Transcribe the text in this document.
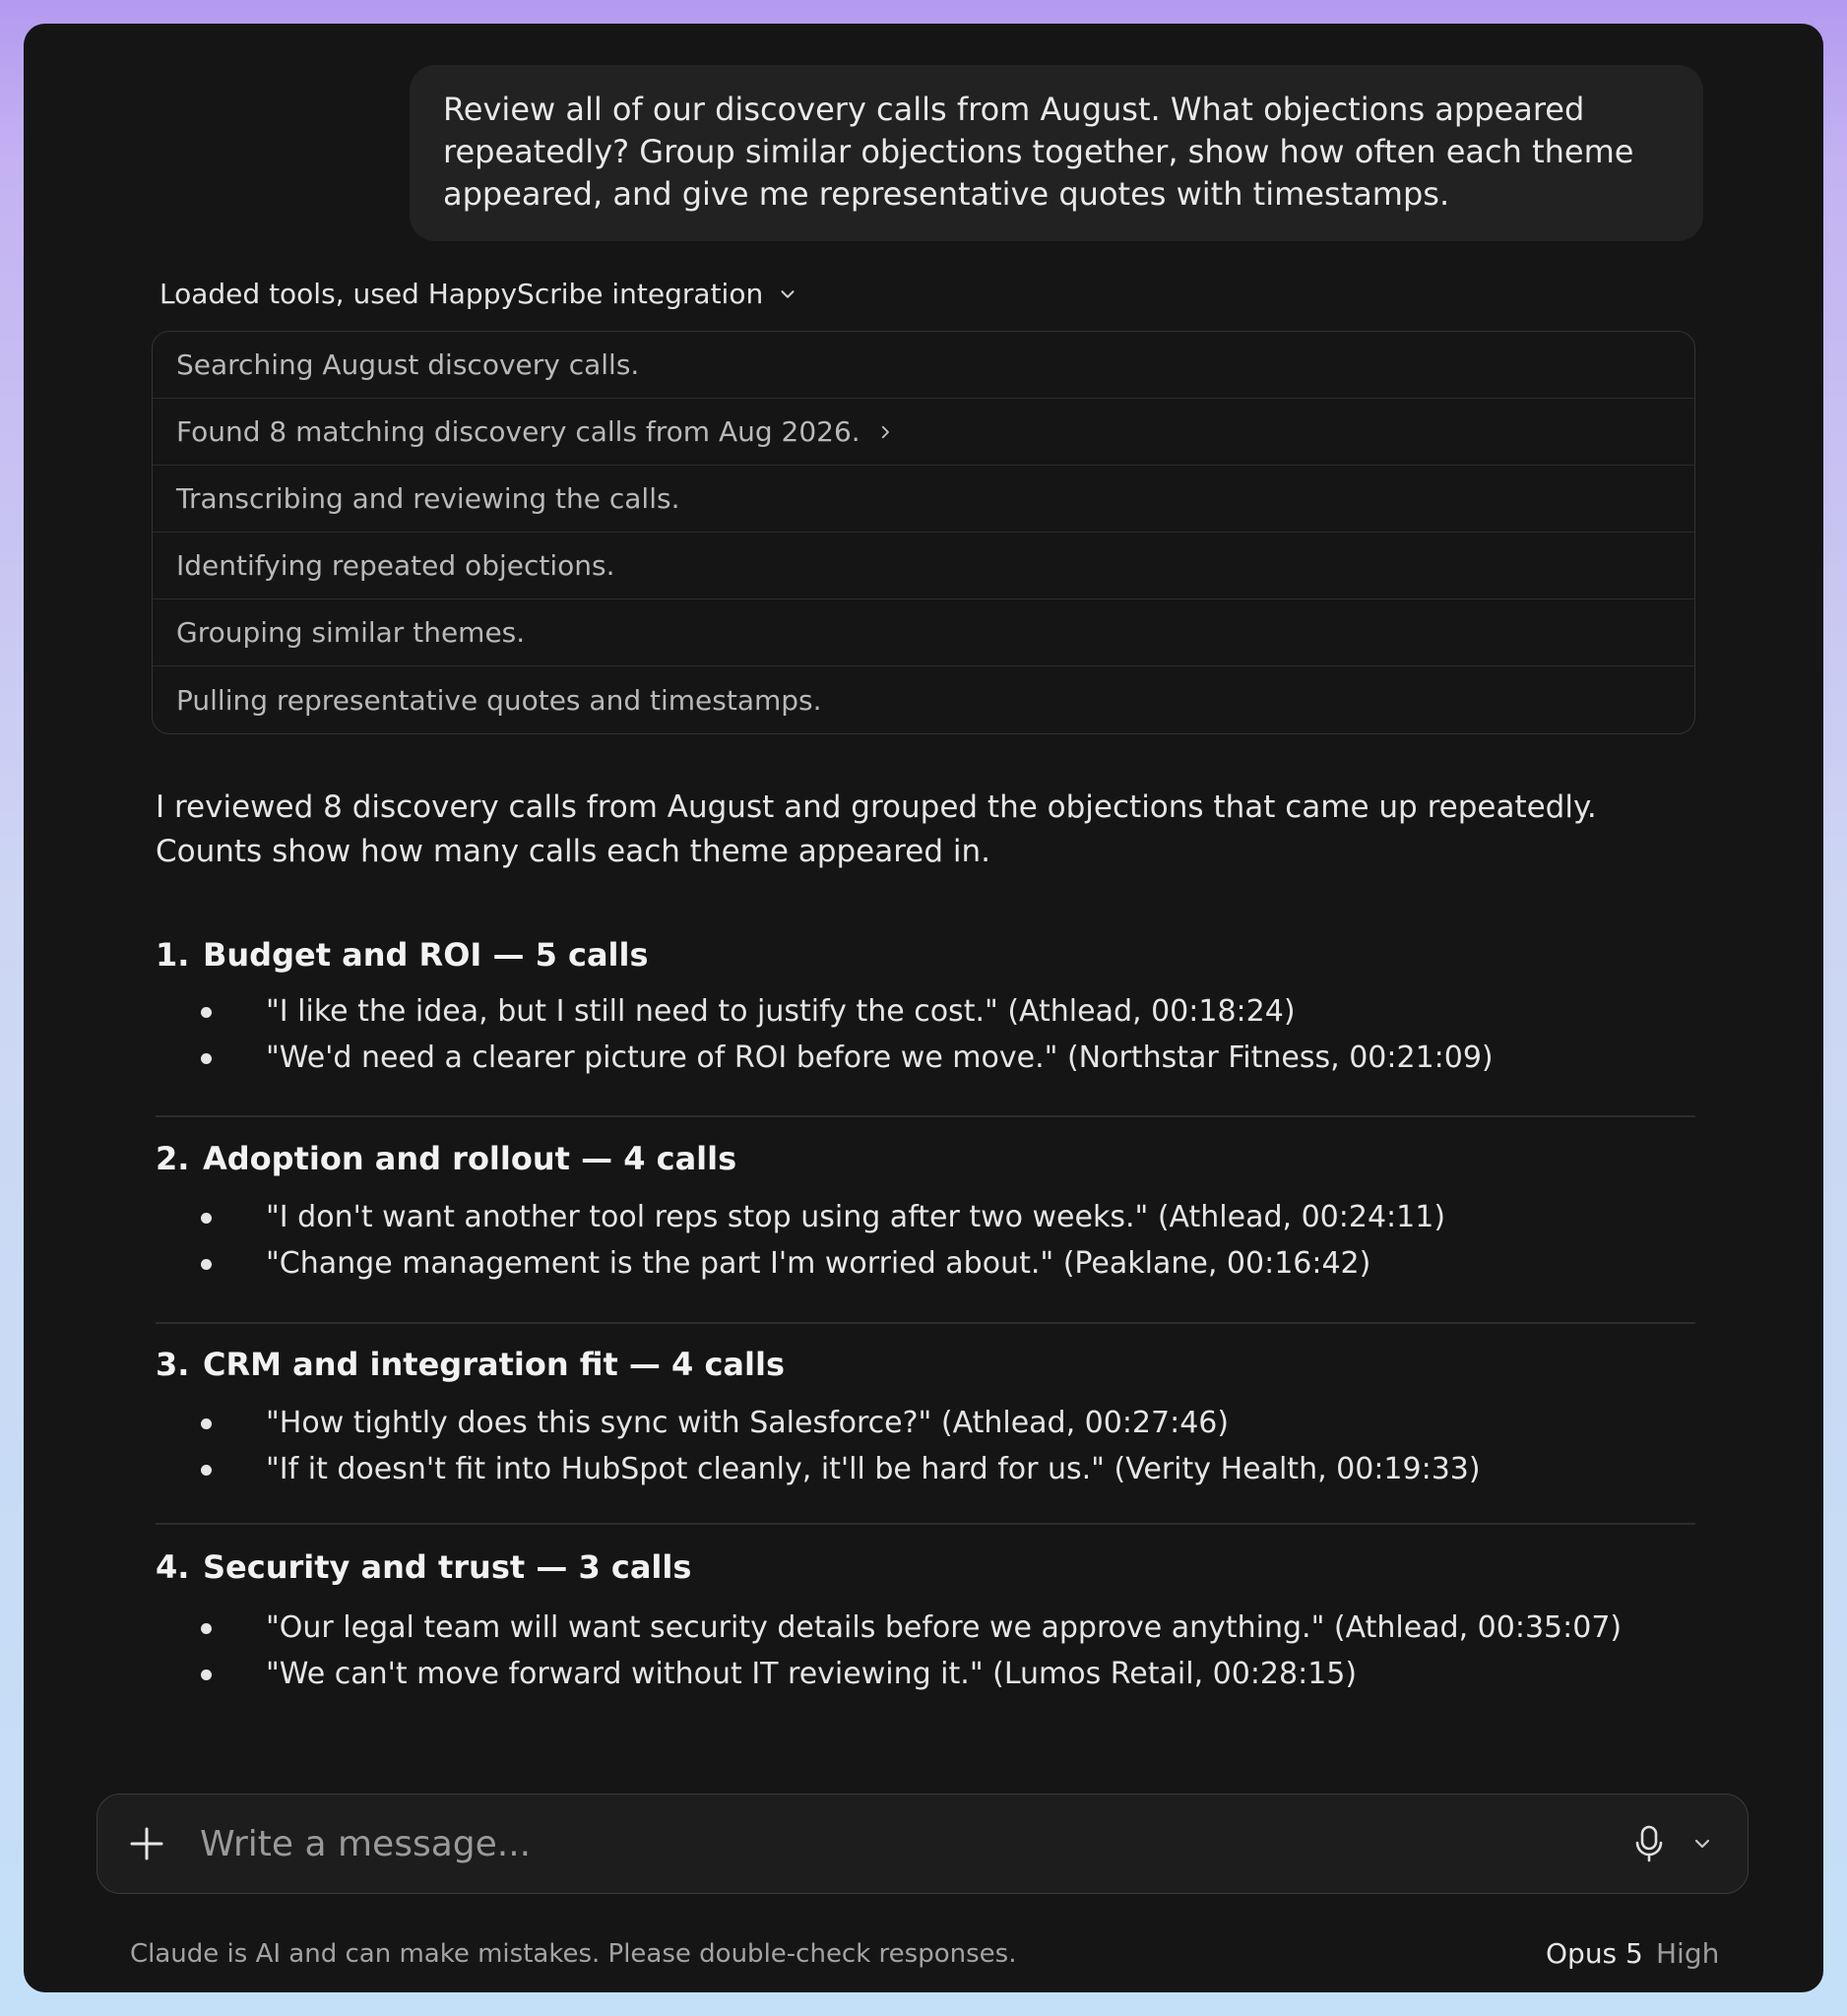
Review all of our discovery calls from August. What objections appeared repeatedly? Group similar objections together, show how often each theme appeared, and give me representative quotes with timestamps.
Loaded tools, used HappyScribe integration
Searching August discovery calls.
Found 8 matching discovery calls from Aug 2026.
Transcribing and reviewing the calls.
Identifying repeated objections.
Grouping similar themes.
Pulling representative quotes and timestamps.

I reviewed 8 discovery calls from August and grouped the objections that came up repeatedly. Counts show how many calls each theme appeared in.

1. Budget and ROI — 5 calls
"I like the idea, but I still need to justify the cost." (Athlead, 00:18:24)
"We'd need a clearer picture of ROI before we move." (Northstar Fitness, 00:21:09)
2. Adoption and rollout — 4 calls
"I don't want another tool reps stop using after two weeks." (Athlead, 00:24:11)
"Change management is the part I'm worried about." (Peaklane, 00:16:42)
3. CRM and integration fit — 4 calls
"How tightly does this sync with Salesforce?" (Athlead, 00:27:46)
"If it doesn't fit into HubSpot cleanly, it'll be hard for us." (Verity Health, 00:19:33)
4. Security and trust — 3 calls
"Our legal team will want security details before we approve anything." (Athlead, 00:35:07)
"We can't move forward without IT reviewing it." (Lumos Retail, 00:28:15)
Write a message...
Claude is AI and can make mistakes. Please double-check responses.	Opus 5 High
